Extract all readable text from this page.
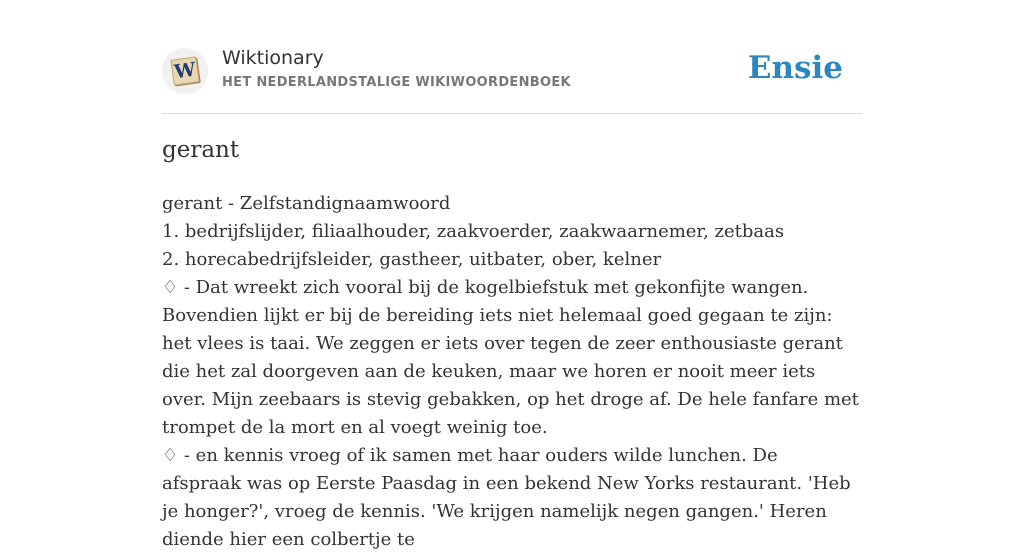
W
Wiktionary
HET NEDERLANDSTALIGE WIKIWOORDENBOEK	Ensie
gerant

gerant - Zelfstandignaamwoord

1. bedrijfslijder, filiaalhouder, zaakvoerder, zaakwaarnemer, zetbaas

2. horecabedrijfsleider, gastheer, uitbater, ober, kelner

♢ - Dat wreekt zich vooral bij de kogelbiefstuk met gekonfijte wangen. Bovendien lijkt er bij de bereiding iets niet helemaal goed gegaan te zijn: het vlees is taai. We zeggen er iets over tegen de zeer enthousiaste gerant die het zal doorgeven aan de keuken, maar we horen er nooit meer iets over. Mijn zeebaars is stevig gebakken, op het droge af. De hele fanfare met trompet de la mort en al voegt weinig toe.

♢ - en kennis vroeg of ik samen met haar ouders wilde lunchen. De afspraak was op Eerste Paasdag in een bekend New Yorks restaurant. 'Heb je honger?', vroeg de kennis. 'We krijgen namelijk negen gangen.' Heren diende hier een colbertje te
